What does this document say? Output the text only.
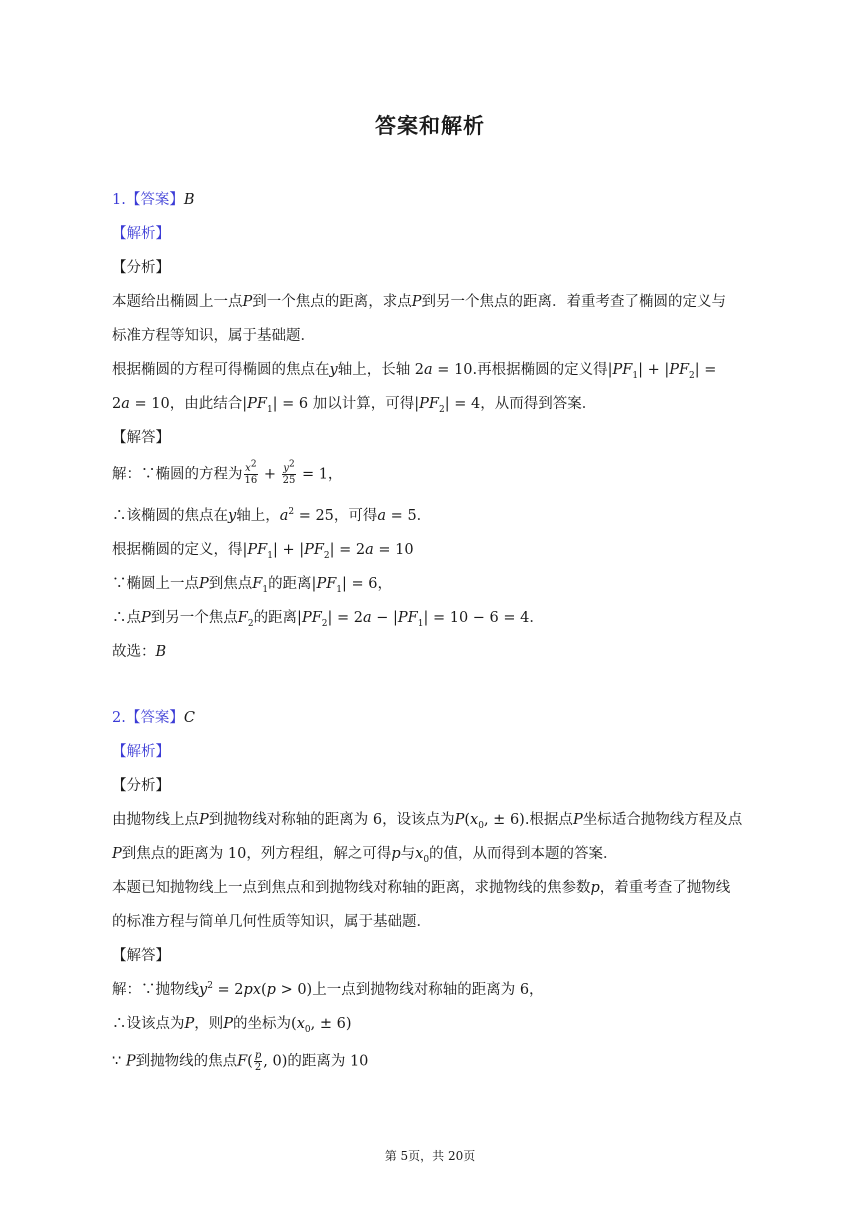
答案和解析
1.【答案】B
【解析】
【分析】
本题给出椭圆上一点P到一个焦点的距离，求点P到另一个焦点的距离．着重考查了椭圆的定义与
标准方程等知识，属于基础题．
根据椭圆的方程可得椭圆的焦点在y轴上，长轴 2a = 10.再根据椭圆的定义得$|PF_1| + |PF_2|$ =
2a = 10，由此结合$|PF_1| = 6$ 加以计算，可得$|PF_2| = 4$，从而得到答案．
【解答】
解：∵椭圆的方程为 $\frac{x^2}{16} + \frac{y^2}{25} = 1$，
∴该椭圆的焦点在y轴上，$a^2 = 25$，可得a = 5．
根据椭圆的定义，得$|PF_1| + |PF_2| = 2a = 10$
∵椭圆上一点P到焦点$F_1$的距离$|PF_1| = 6$，
∴点P到另一个焦点$F_2$的距离$|PF_2| = 2a - |PF_1| = 10 - 6 = 4$．
故选：B
2.【答案】C
【解析】
【分析】
由抛物线上点P到抛物线对称轴的距离为 6，设该点为$P(x_0$, ± 6).根据点P坐标适合抛物线方程及点
P到焦点的距离为 10，列方程组，解之可得p与$x_0$的值，从而得到本题的答案．
本题已知抛物线上一点到焦点和到抛物线对称轴的距离，求抛物线的焦参数p，着重考查了抛物线
的标准方程与简单几何性质等知识，属于基础题．
【解答】
解：∵抛物线$y^2 = 2px(p > 0)$上一点到抛物线对称轴的距离为 6，
∴设该点为P，则P的坐标为($x_0$, ± 6)
∵ P到抛物线的焦点$F( \frac{p}{2}$ , 0)的距离为 10
第 5页，共 20页
